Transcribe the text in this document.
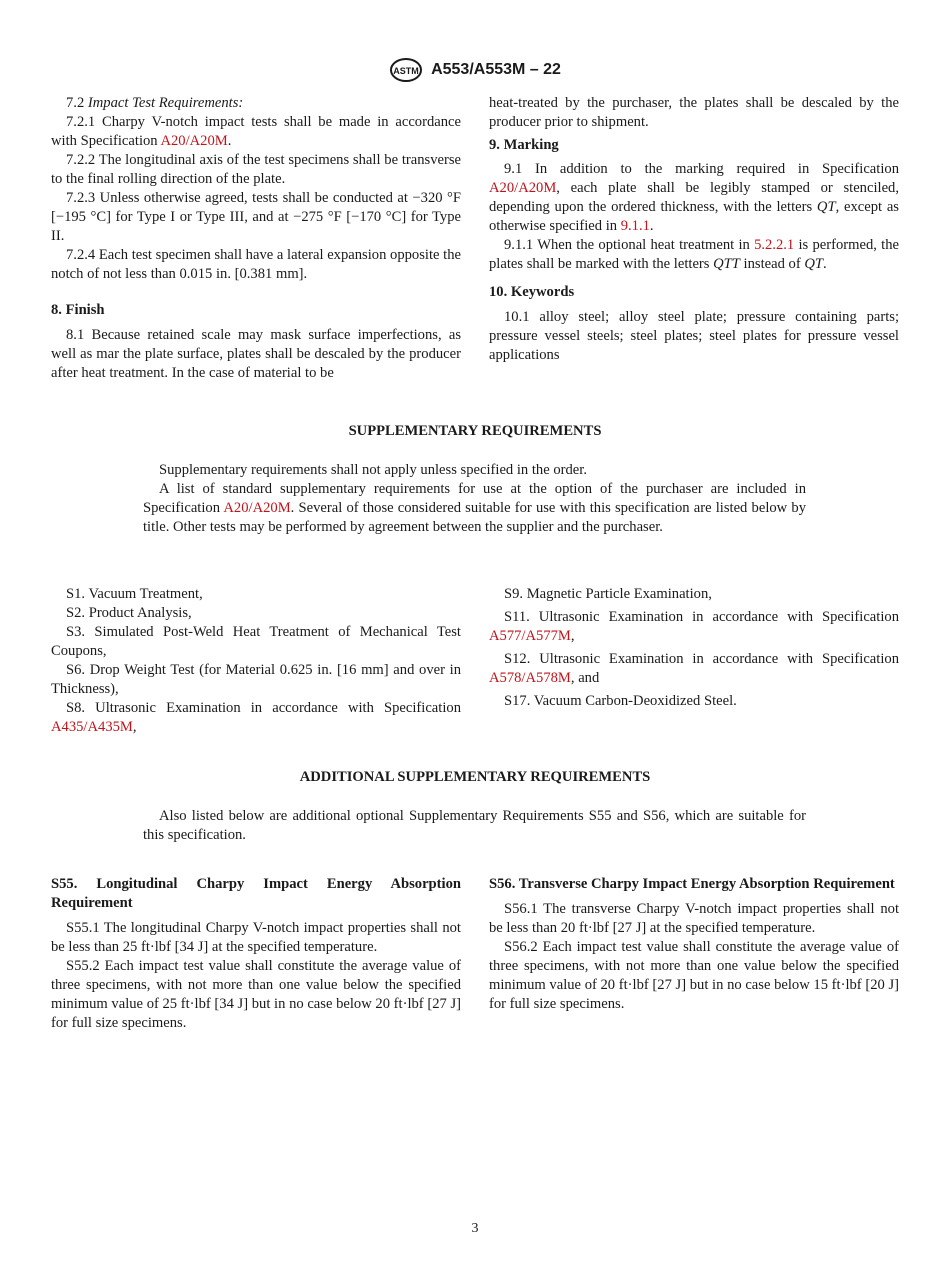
ASTM A553/A553M – 22

7.2 Impact Test Requirements:

7.2.1 Charpy V-notch impact tests shall be made in accordance with Specification A20/A20M.

7.2.2 The longitudinal axis of the test specimens shall be transverse to the final rolling direction of the plate.

7.2.3 Unless otherwise agreed, tests shall be conducted at −320 °F [−195 °C] for Type I or Type III, and at −275 °F [−170 °C] for Type II.

7.2.4 Each test specimen shall have a lateral expansion opposite the notch of not less than 0.015 in. [0.381 mm].

8. Finish

8.1 Because retained scale may mask surface imperfections, as well as mar the plate surface, plates shall be descaled by the producer after heat treatment. In the case of material to be

heat-treated by the purchaser, the plates shall be descaled by the producer prior to shipment.

9. Marking

9.1 In addition to the marking required in Specification A20/A20M, each plate shall be legibly stamped or stenciled, depending upon the ordered thickness, with the letters QT, except as otherwise specified in 9.1.1.

9.1.1 When the optional heat treatment in 5.2.2.1 is performed, the plates shall be marked with the letters QTT instead of QT.

10. Keywords

10.1 alloy steel; alloy steel plate; pressure containing parts; pressure vessel steels; steel plates; steel plates for pressure vessel applications

SUPPLEMENTARY REQUIREMENTS

Supplementary requirements shall not apply unless specified in the order.

A list of standard supplementary requirements for use at the option of the purchaser are included in Specification A20/A20M. Several of those considered suitable for use with this specification are listed below by title. Other tests may be performed by agreement between the supplier and the purchaser.

S1. Vacuum Treatment,

S2. Product Analysis,

S3. Simulated Post-Weld Heat Treatment of Mechanical Test Coupons,

S6. Drop Weight Test (for Material 0.625 in. [16 mm] and over in Thickness),

S8. Ultrasonic Examination in accordance with Specification A435/A435M,

S9. Magnetic Particle Examination,

S11. Ultrasonic Examination in accordance with Specification A577/A577M,

S12. Ultrasonic Examination in accordance with Specification A578/A578M, and

S17. Vacuum Carbon-Deoxidized Steel.

ADDITIONAL SUPPLEMENTARY REQUIREMENTS

Also listed below are additional optional Supplementary Requirements S55 and S56, which are suitable for this specification.

S55. Longitudinal Charpy Impact Energy Absorption Requirement

S55.1 The longitudinal Charpy V-notch impact properties shall not be less than 25 ft·lbf [34 J] at the specified temperature.

S55.2 Each impact test value shall constitute the average value of three specimens, with not more than one value below the specified minimum value of 25 ft·lbf [34 J] but in no case below 20 ft·lbf [27 J] for full size specimens.

S56. Transverse Charpy Impact Energy Absorption Requirement

S56.1 The transverse Charpy V-notch impact properties shall not be less than 20 ft·lbf [27 J] at the specified temperature.

S56.2 Each impact test value shall constitute the average value of three specimens, with not more than one value below the specified minimum value of 20 ft·lbf [27 J] but in no case below 15 ft·lbf [20 J] for full size specimens.

3
